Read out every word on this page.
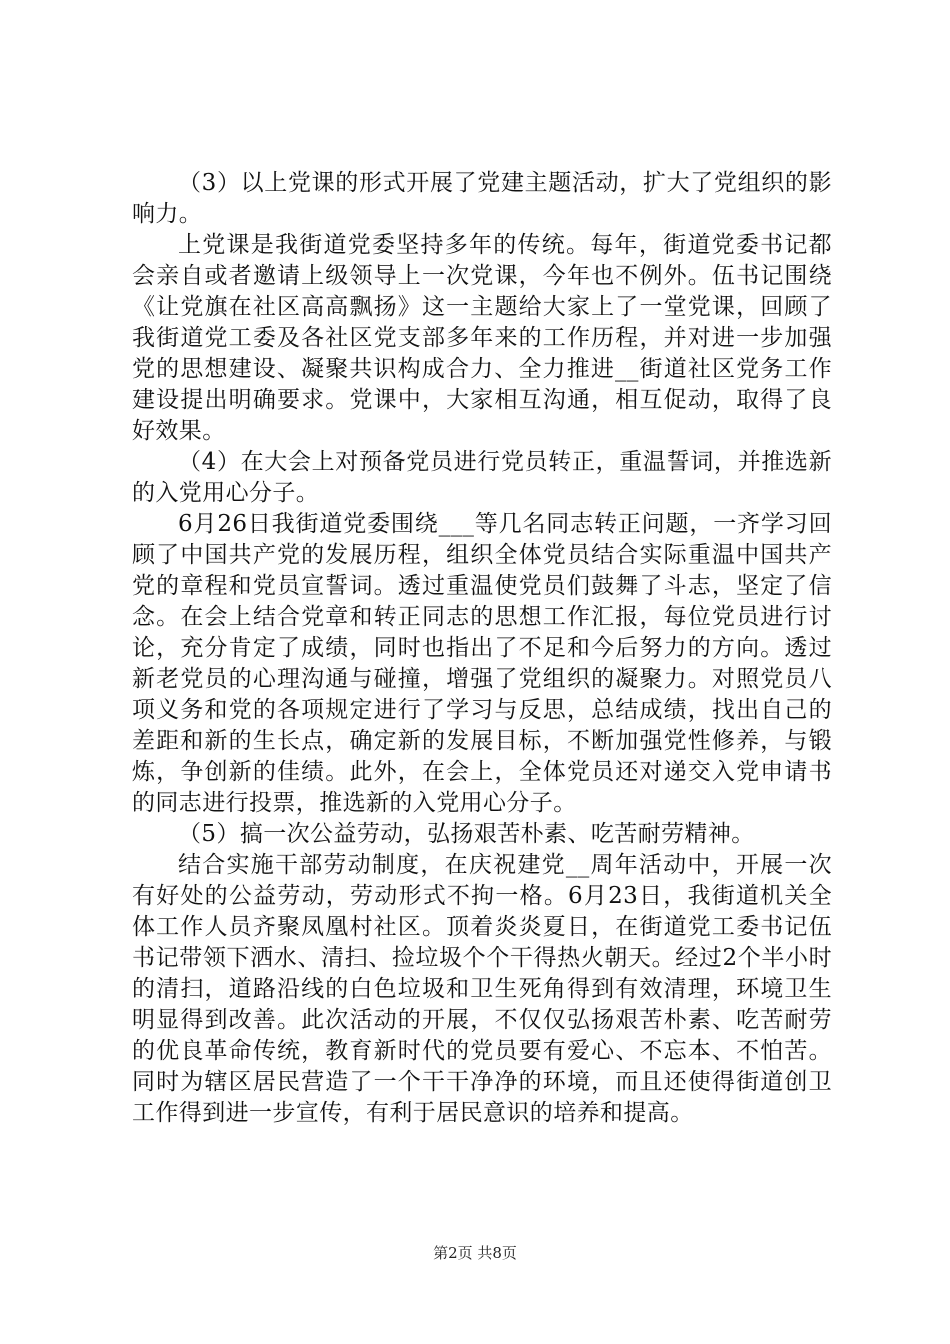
（3）以上党课的形式开展了党建主题活动，扩大了党组织的影响力。

上党课是我街道党委坚持多年的传统。每年，街道党委书记都会亲自或者邀请上级领导上一次党课，今年也不例外。伍书记围绕《让党旗在社区高高飘扬》这一主题给大家上了一堂党课，回顾了我街道党工委及各社区党支部多年来的工作历程，并对进一步加强党的思想建设、凝聚共识构成合力、全力推进__街道社区党务工作建设提出明确要求。党课中，大家相互沟通，相互促动，取得了良好效果。

（4）在大会上对预备党员进行党员转正，重温誓词，并推选新的入党用心分子。

6月26日我街道党委围绕___等几名同志转正问题，一齐学习回顾了中国共产党的发展历程，组织全体党员结合实际重温中国共产党的章程和党员宣誓词。透过重温使党员们鼓舞了斗志，坚定了信念。在会上结合党章和转正同志的思想工作汇报，每位党员进行讨论，充分肯定了成绩，同时也指出了不足和今后努力的方向。透过新老党员的心理沟通与碰撞，增强了党组织的凝聚力。对照党员八项义务和党的各项规定进行了学习与反思，总结成绩，找出自己的差距和新的生长点，确定新的发展目标，不断加强党性修养，与锻炼，争创新的佳绩。此外，在会上，全体党员还对递交入党申请书的同志进行投票，推选新的入党用心分子。

（5）搞一次公益劳动，弘扬艰苦朴素、吃苦耐劳精神。

结合实施干部劳动制度，在庆祝建党__周年活动中，开展一次有好处的公益劳动，劳动形式不拘一格。6月23日，我街道机关全体工作人员齐聚凤凰村社区。顶着炎炎夏日，在街道党工委书记伍书记带领下洒水、清扫、捡垃圾个个干得热火朝天。经过2个半小时的清扫，道路沿线的白色垃圾和卫生死角得到有效清理，环境卫生明显得到改善。此次活动的开展，不仅仅弘扬艰苦朴素、吃苦耐劳的优良革命传统，教育新时代的党员要有爱心、不忘本、不怕苦。同时为辖区居民营造了一个干干净净的环境，而且还使得街道创卫工作得到进一步宣传，有利于居民意识的培养和提高。

第2页 共8页
